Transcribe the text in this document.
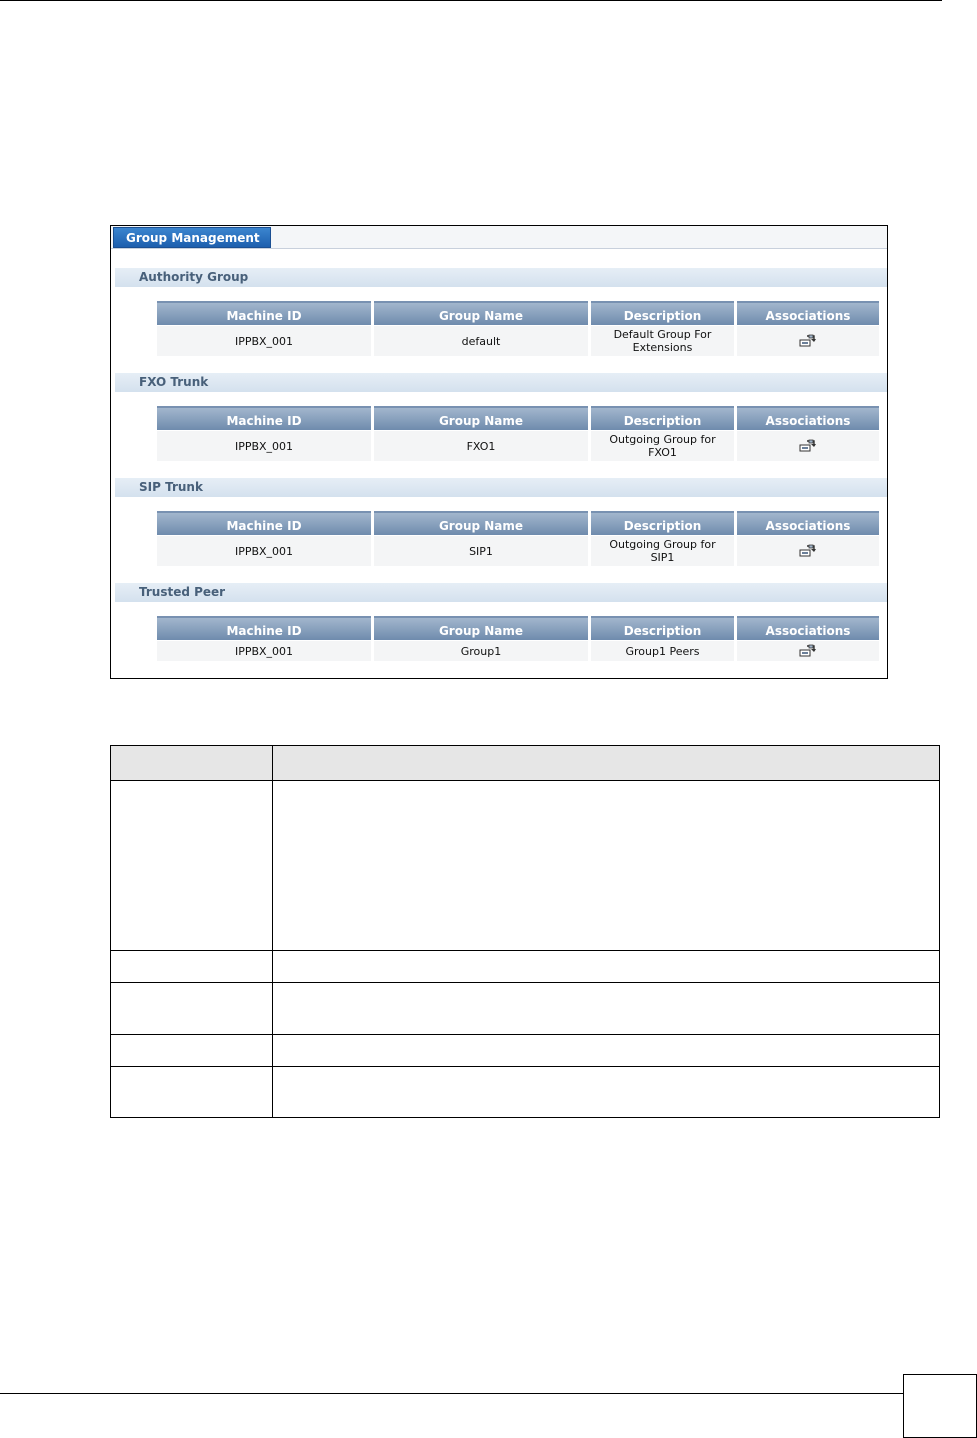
Group Management
Authority Group
Machine ID	Group Name	Description	Associations
IPPBX_001	default	Default Group For
Extensions
FXO Trunk
Machine ID	Group Name	Description	Associations
IPPBX_001	FXO1	Outgoing Group for
FXO1
SIP Trunk
Machine ID	Group Name	Description	Associations
IPPBX_001	SIP1	Outgoing Group for
SIP1
Trusted Peer
Machine ID	Group Name	Description	Associations
IPPBX_001	Group1	Group1 Peers
